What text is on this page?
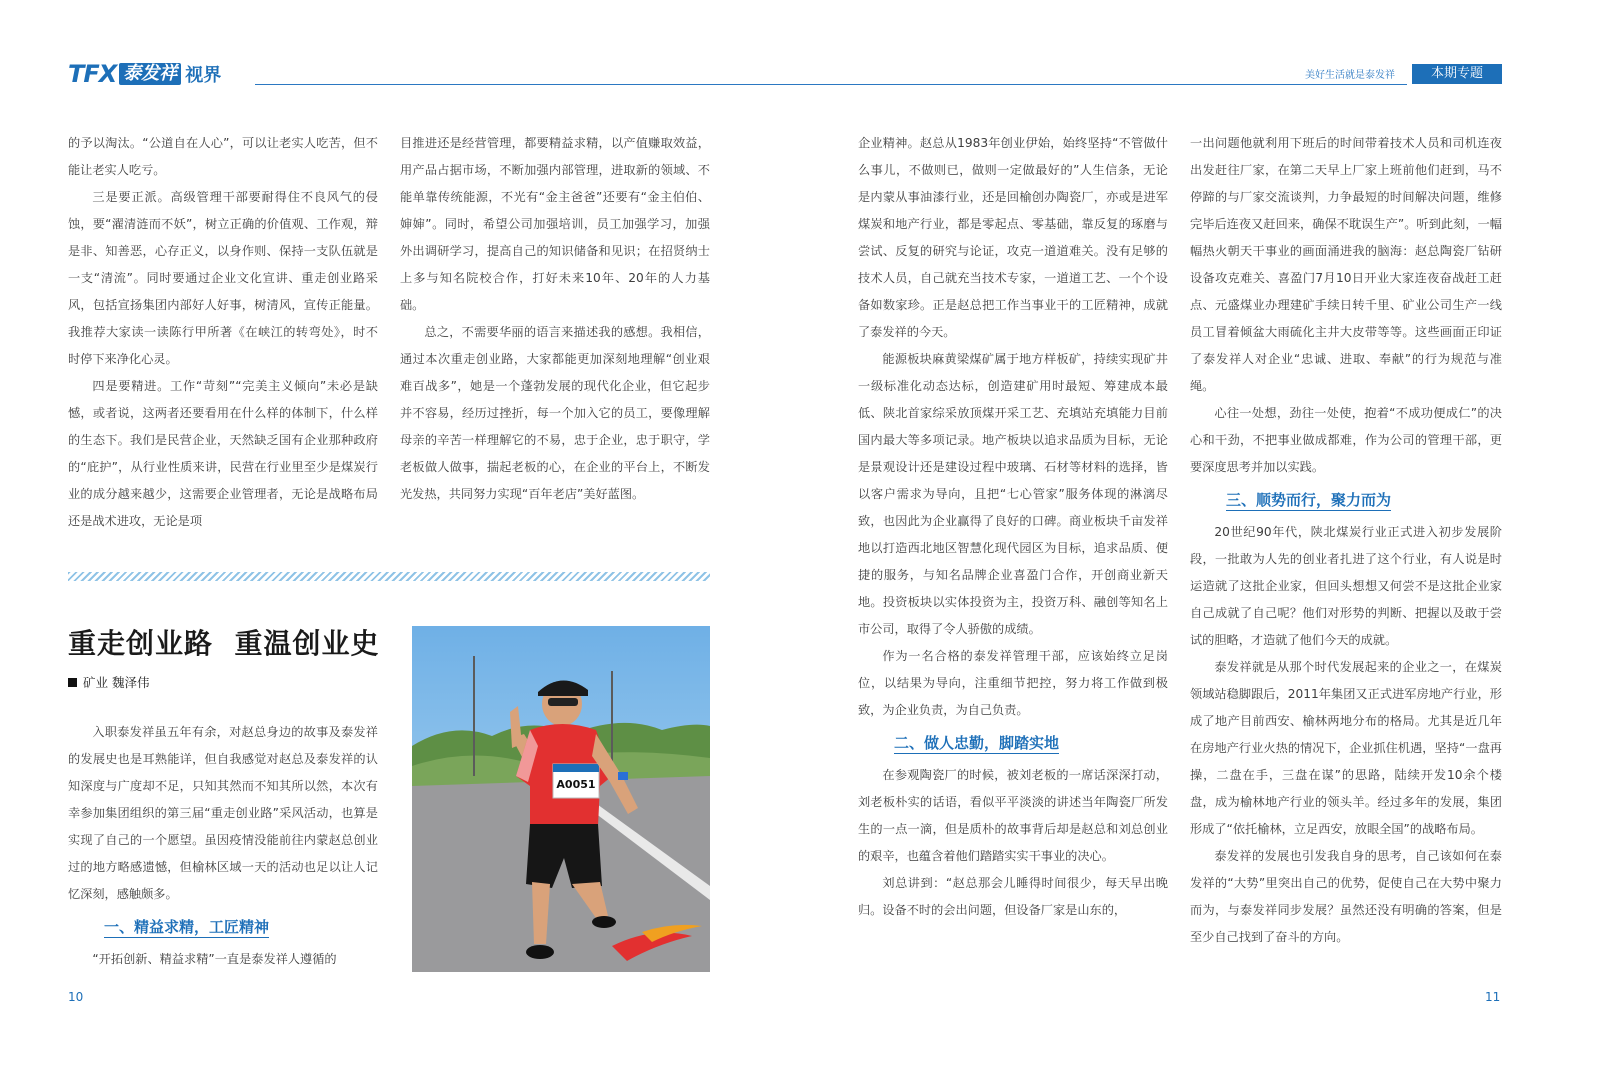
TFX 泰发祥 视界	美好生活就是泰发祥	本期专题

的予以淘汰。“公道自在人心”，可以让老实人吃苦，但不能让老实人吃亏。

三是要正派。高级管理干部要耐得住不良风气的侵蚀，要“濯清涟而不妖”，树立正确的价值观、工作观，辩是非、知善恶，心存正义，以身作则、保持一支队伍就是一支“清流”。同时要通过企业文化宣讲、重走创业路采风，包括宣扬集团内部好人好事，树清风，宣传正能量。我推荐大家读一读陈行甲所著《在峡江的转弯处》，时不时停下来净化心灵。

四是要精进。工作“苛刻”“完美主义倾向”未必是缺憾，或者说，这两者还要看用在什么样的体制下，什么样的生态下。我们是民营企业，天然缺乏国有企业那种政府的“庇护”，从行业性质来讲，民营在行业里至少是煤炭行业的成分越来越少，这需要企业管理者，无论是战略布局还是战术进攻，无论是项

目推进还是经营管理，都要精益求精，以产值赚取效益，用产品占据市场，不断加强内部管理，进取新的领域、不能单靠传统能源，不光有“金主爸爸”还要有“金主伯伯、婶婶”。同时，希望公司加强培训，员工加强学习，加强外出调研学习，提高自己的知识储备和见识；在招贤纳士上多与知名院校合作，打好未来10年、20年的人力基础。

总之，不需要华丽的语言来描述我的感想。我相信，通过本次重走创业路，大家都能更加深刻地理解“创业艰难百战多”，她是一个蓬勃发展的现代化企业，但它起步并不容易，经历过挫折，每一个加入它的员工，要像理解母亲的辛苦一样理解它的不易，忠于企业，忠于职守，学老板做人做事，揣起老板的心，在企业的平台上，不断发光发热，共同努力实现“百年老店”美好蓝图。

重走创业路  重温创业史
矿业 魏泽伟

入职泰发祥虽五年有余，对赵总身边的故事及泰发祥的发展史也是耳熟能详，但自我感觉对赵总及泰发祥的认知深度与广度却不足，只知其然而不知其所以然，本次有幸参加集团组织的第三届“重走创业路”采风活动，也算是实现了自己的一个愿望。虽因疫情没能前往内蒙赵总创业过的地方略感遗憾，但榆林区域一天的活动也足以让人记忆深刻，感触颇多。

一、精益求精，工匠精神

“开拓创新、精益求精”一直是泰发祥人遵循的

A0051

企业精神。赵总从1983年创业伊始，始终坚持“不管做什么事儿，不做则已，做则一定做最好的”人生信条，无论是内蒙从事油漆行业，还是回榆创办陶瓷厂，亦或是进军煤炭和地产行业，都是零起点、零基础，靠反复的琢磨与尝试、反复的研究与论证，攻克一道道难关。没有足够的技术人员，自己就充当技术专家，一道道工艺、一个个设备如数家珍。正是赵总把工作当事业干的工匠精神，成就了泰发祥的今天。

能源板块麻黄梁煤矿属于地方样板矿，持续实现矿井一级标准化动态达标，创造建矿用时最短、筹建成本最低、陕北首家综采放顶煤开采工艺、充填站充填能力目前国内最大等多项记录。地产板块以追求品质为目标，无论是景观设计还是建设过程中玻璃、石材等材料的选择，皆以客户需求为导向，且把“七心管家”服务体现的淋漓尽致，也因此为企业赢得了良好的口碑。商业板块千亩发祥地以打造西北地区智慧化现代园区为目标，追求品质、便捷的服务，与知名品牌企业喜盈门合作，开创商业新天地。投资板块以实体投资为主，投资万科、融创等知名上市公司，取得了令人骄傲的成绩。

作为一名合格的泰发祥管理干部，应该始终立足岗位，以结果为导向，注重细节把控，努力将工作做到极致，为企业负责，为自己负责。

二、做人忠勤，脚踏实地

在参观陶瓷厂的时候，被刘老板的一席话深深打动，刘老板朴实的话语，看似平平淡淡的讲述当年陶瓷厂所发生的一点一滴，但是质朴的故事背后却是赵总和刘总创业的艰辛，也蕴含着他们踏踏实实干事业的决心。

刘总讲到：“赵总那会儿睡得时间很少，每天早出晚归。设备不时的会出问题，但设备厂家是山东的，

一出问题他就利用下班后的时间带着技术人员和司机连夜出发赶往厂家，在第二天早上厂家上班前他们赶到，马不停蹄的与厂家交流谈判，力争最短的时间解决问题，维修完毕后连夜又赶回来，确保不耽误生产”。听到此刻，一幅幅热火朝天干事业的画面涌进我的脑海：赵总陶瓷厂钻研设备攻克难关、喜盈门7月10日开业大家连夜奋战赶工赶点、元盛煤业办理建矿手续日转千里、矿业公司生产一线员工冒着倾盆大雨硫化主井大皮带等等。这些画面正印证了泰发祥人对企业“忠诚、进取、奉献”的行为规范与准绳。

心往一处想，劲往一处使，抱着“不成功便成仁”的决心和干劲，不把事业做成都难，作为公司的管理干部，更要深度思考并加以实践。

三、顺势而行，聚力而为

20世纪90年代，陕北煤炭行业正式进入初步发展阶段，一批敢为人先的创业者扎进了这个行业，有人说是时运造就了这批企业家，但回头想想又何尝不是这批企业家自己成就了自己呢？他们对形势的判断、把握以及敢于尝试的胆略，才造就了他们今天的成就。

泰发祥就是从那个时代发展起来的企业之一，在煤炭领域站稳脚跟后，2011年集团又正式进军房地产行业，形成了地产目前西安、榆林两地分布的格局。尤其是近几年在房地产行业火热的情况下，企业抓住机遇，坚持“一盘再操，二盘在手，三盘在谋”的思路，陆续开发10余个楼盘，成为榆林地产行业的领头羊。经过多年的发展，集团形成了“依托榆林，立足西安，放眼全国”的战略布局。

泰发祥的发展也引发我自身的思考，自己该如何在泰发祥的“大势”里突出自己的优势，促使自己在大势中聚力而为，与泰发祥同步发展？虽然还没有明确的答案，但是至少自己找到了奋斗的方向。

10	11
